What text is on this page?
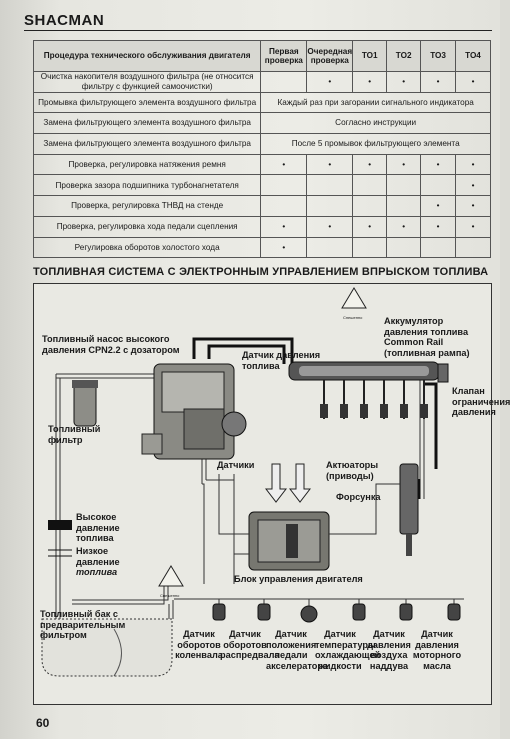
SHACMAN
Процедура технического обслуживания двигателя	Первая проверка	Очередная проверка	ТО1	ТО2	ТО3	ТО4
Очистка накопителя воздушного фильтра (не относится фильтру с функцией самоочистки)		•	•	•	•	•
Промывка фильтрующего элемента воздушного фильтра	Каждый раз при загорании сигнального индикатора					
Замена фильтрующего элемента воздушного фильтра	Согласно инструкции					
Замена фильтрующего элемента воздушного фильтра	После 5 промывок фильтрующего элемента					
Проверка, регулировка натяжения ремня	•	•	•	•	•	•
Проверка зазора подшипника турбонагнетателя						•
Проверка, регулировка ТНВД на стенде					•	•
Проверка, регулировка хода педали сцепления	•	•	•	•	•	•
Регулировка оборотов холостого хода	•					
ТОПЛИВНАЯ СИСТЕМА С ЭЛЕКТРОННЫМ УПРАВЛЕНИЕМ ВПРЫСКОМ ТОПЛИВА
Топливный насос высокого давления CPN2.2 с дозатором
Аккумулятор давления топлива Common Rail (топливная рампа)
Датчик давления топлива
Топливный фильтр
Клапан ограничения давления
Датчики	Актюаторы (приводы)
Форсунка
Блок управления двигателя
Топливный бак с предварительным фильтром
Высокое давление топлива
Низкое
давление
топлива
Спешенно
Спешенно
Датчик оборотов коленвала
Датчик оборотов распредвала
Датчик положения педали акселератора
Датчик температуры охлаждающей жидкости
Датчик давления воздуха наддува
Датчик давления моторного масла
60
